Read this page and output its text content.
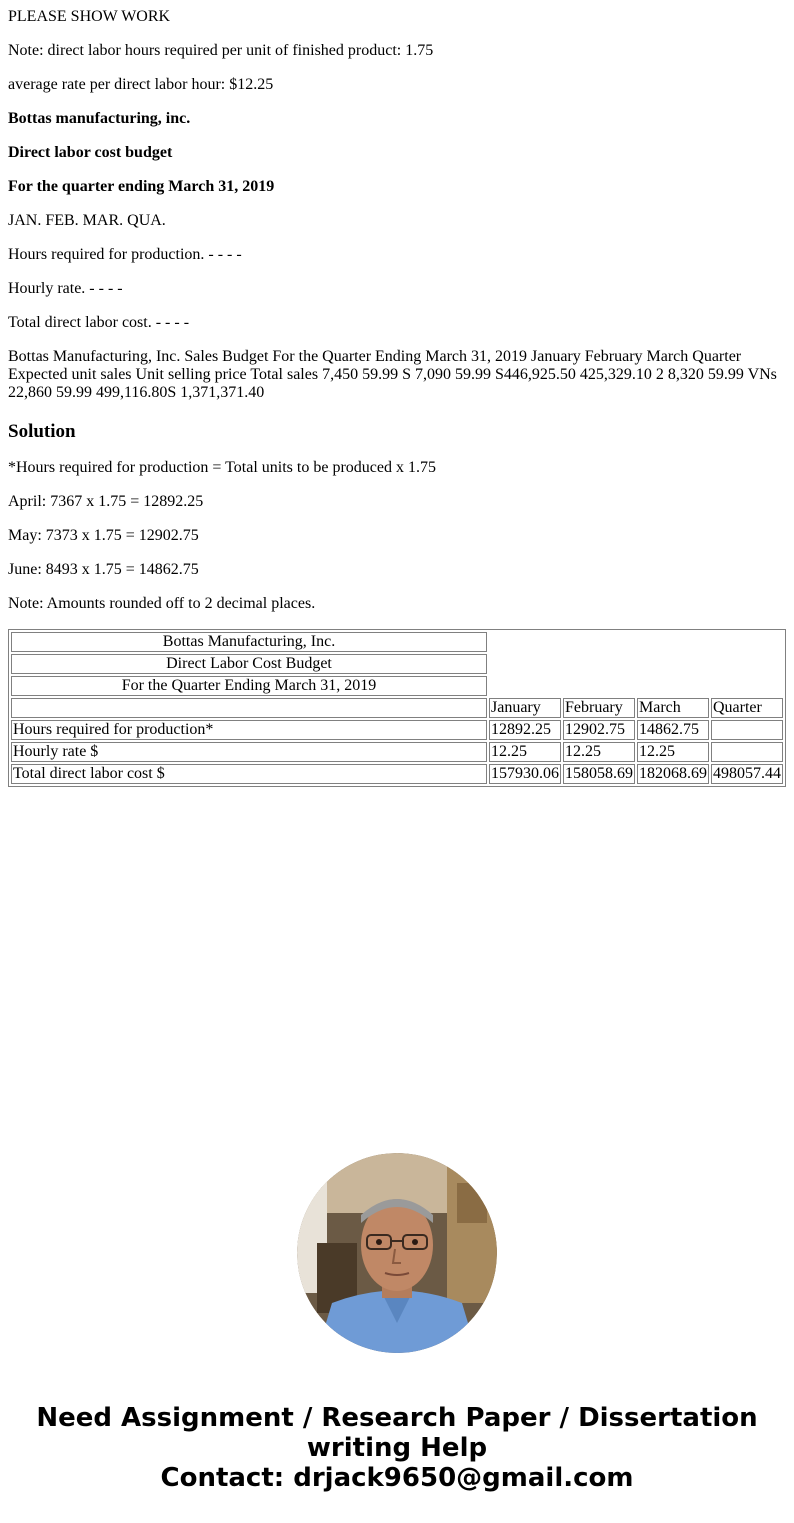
PLEASE SHOW WORK

Note: direct labor hours required per unit of finished product: 1.75

average rate per direct labor hour: $12.25

Bottas manufacturing, inc.

Direct labor cost budget

For the quarter ending March 31, 2019

JAN. FEB. MAR. QUA.

Hours required for production. - - - -

Hourly rate. - - - -

Total direct labor cost. - - - -

Bottas Manufacturing, Inc. Sales Budget For the Quarter Ending March 31, 2019 January February March Quarter Expected unit sales Unit selling price Total sales 7,450 59.99 S 7,090 59.99 S446,925.50 425,329.10 2 8,320 59.99 VNs 22,860 59.99 499,116.80S 1,371,371.40

Solution

*Hours required for production = Total units to be produced x 1.75

April: 7367 x 1.75 = 12892.25

May: 7373 x 1.75 = 12902.75

June: 8493 x 1.75 = 14862.75

Note: Amounts rounded off to 2 decimal places.

Bottas Manufacturing, Inc.				
Direct Labor Cost Budget				
For the Quarter Ending March 31, 2019				
	January	February	March	Quarter
Hours required for production*	12892.25	12902.75	14862.75	
Hourly rate $	12.25	12.25	12.25	
Total direct labor cost $	157930.06	158058.69	182068.69	498057.44
Need Assignment / Research Paper / Dissertation
writing Help
Contact: drjack9650@gmail.com
